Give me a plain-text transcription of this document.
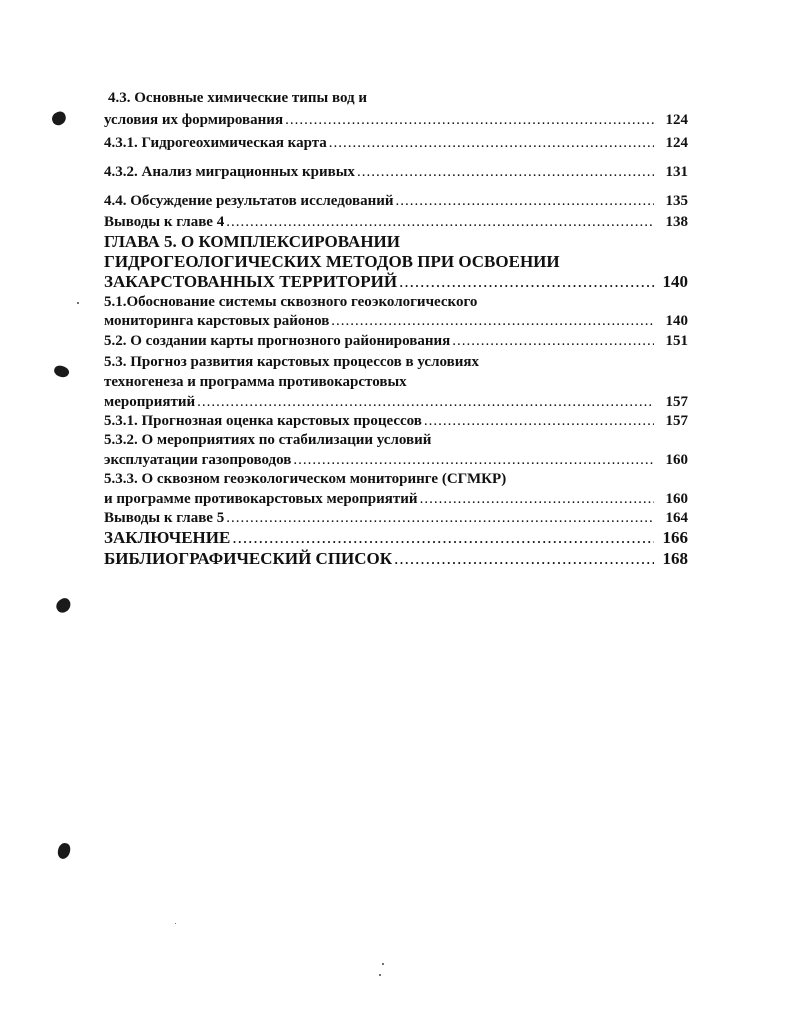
4.3. Основные химические типы вод и
условия их формирования .....	124
4.3.1. Гидрогеохимическая карта .....	124
4.3.2. Анализ миграционных кривых .....	131
4.4. Обсуждение результатов исследований .....	135
Выводы к главе 4 .....	138
ГЛАВА 5. О КОМПЛЕКСИРОВАНИИ
ГИДРОГЕОЛОГИЧЕСКИХ МЕТОДОВ ПРИ ОСВОЕНИИ
ЗАКАРСТОВАННЫХ ТЕРРИТОРИЙ .....	140
5.1.Обоснование системы сквозного геоэкологического
мониторинга карстовых районов .....	140
5.2. О создании карты прогнозного районирования .....	151
5.3. Прогноз развития карстовых процессов в условиях
техногенеза и программа противокарстовых
мероприятий .....	157
5.3.1. Прогнозная оценка карстовых процессов .....	157
5.3.2. О мероприятиях по стабилизации условий
эксплуатации газопроводов .....	160
5.3.3. О сквозном геоэкологическом мониторинге (СГМКР)
и программе противокарстовых мероприятий .....	160
Выводы к главе 5 .....	164
ЗАКЛЮЧЕНИЕ .....	166
БИБЛИОГРАФИЧЕСКИЙ СПИСОК .....	168
